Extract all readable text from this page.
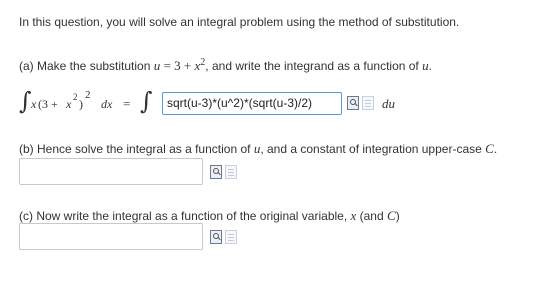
In this question, you will solve an integral problem using the method of substitution.
(a) Make the substitution $u = 3 + x^2$, and write the integrand as a function of u.
∫ x (3 + x 2 )
2
dx = ∫	sqrt(u-3)*(u^2)*(sqrt(u-3)/2)	du
(b) Hence solve the integral as a function of u, and a constant of integration upper-case C.
(c) Now write the integral as a function of the original variable, x (and C)
